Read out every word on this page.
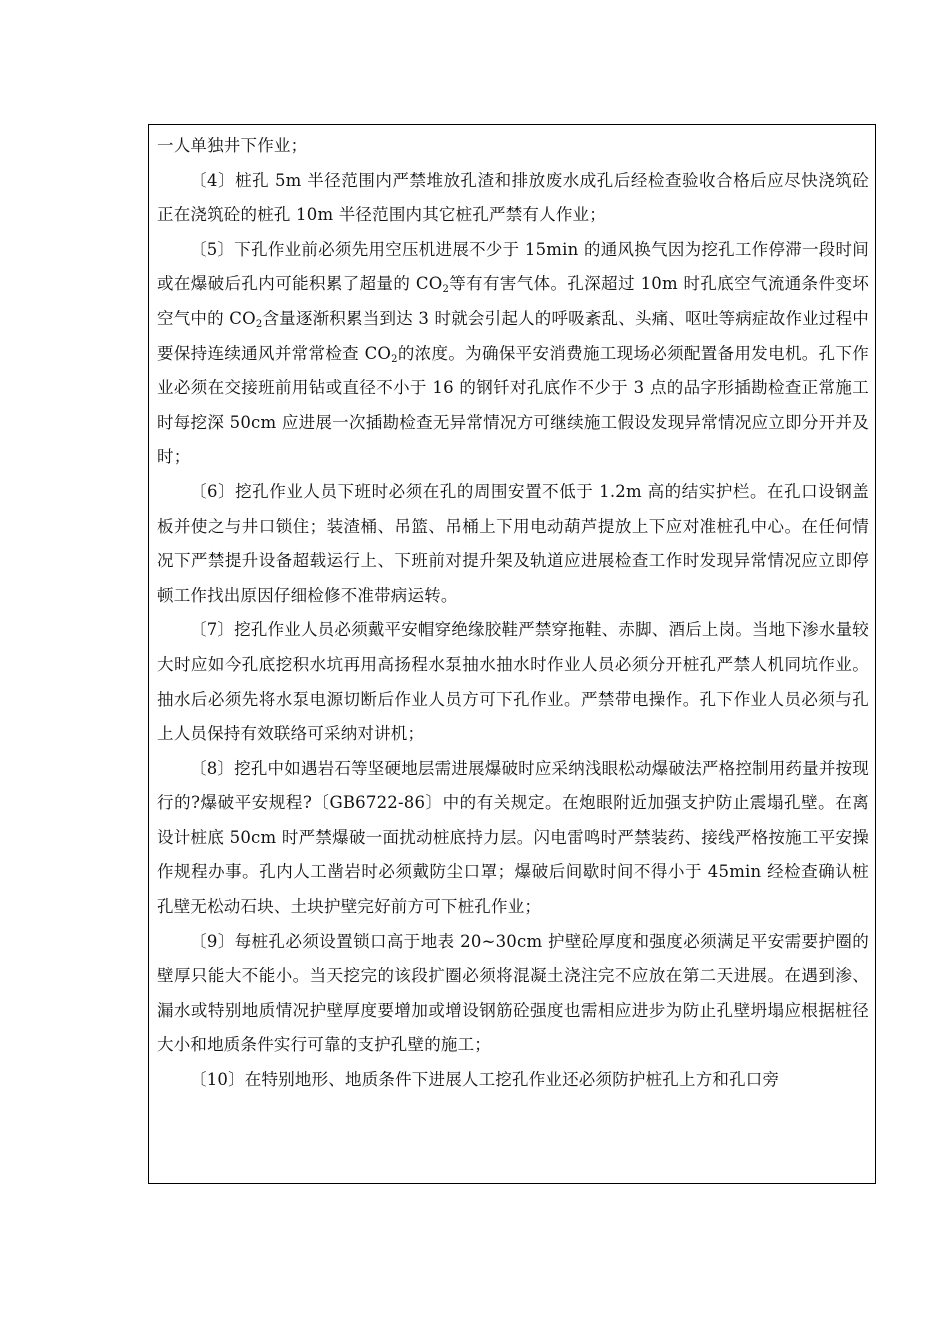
一人单独井下作业；

〔4〕桩孔 5m 半径范围内严禁堆放孔渣和排放废水成孔后经检查验收合格后应尽快浇筑砼正在浇筑砼的桩孔 10m 半径范围内其它桩孔严禁有人作业；

〔5〕下孔作业前必须先用空压机进展不少于 15min 的通风换气因为挖孔工作停滞一段时间或在爆破后孔内可能积累了超量的 $CO_2$等有有害气体。孔深超过 10m 时孔底空气流通条件变坏空气中的 $CO_2$含量逐渐积累当到达 3 时就会引起人的呼吸紊乱、头痛、呕吐等病症故作业过程中要保持连续通风并常常检查 $CO_2$的浓度。为确保平安消费施工现场必须配置备用发电机。孔下作业必须在交接班前用钻或直径不小于 16 的钢钎对孔底作不少于 3 点的品字形插勘检查正常施工时每挖深 50cm 应进展一次插勘检查无异常情况方可继续施工假设发现异常情况应立即分开并及时；

〔6〕挖孔作业人员下班时必须在孔的周围安置不低于 1.2m 高的结实护栏。在孔口设钢盖板并使之与井口锁住；装渣桶、吊篮、吊桶上下用电动葫芦提放上下应对准桩孔中心。在任何情况下严禁提升设备超载运行上、下班前对提升架及轨道应进展检查工作时发现异常情况应立即停顿工作找出原因仔细检修不准带病运转。

〔7〕挖孔作业人员必须戴平安帽穿绝缘胶鞋严禁穿拖鞋、赤脚、酒后上岗。当地下渗水量较大时应如今孔底挖积水坑再用高扬程水泵抽水抽水时作业人员必须分开桩孔严禁人机同坑作业。抽水后必须先将水泵电源切断后作业人员方可下孔作业。严禁带电操作。孔下作业人员必须与孔上人员保持有效联络可采纳对讲机；

〔8〕挖孔中如遇岩石等坚硬地层需进展爆破时应采纳浅眼松动爆破法严格控制用药量并按现行的?爆破平安规程?〔GB6722-86〕中的有关规定。在炮眼附近加强支护防止震塌孔壁。在离设计桩底 50cm 时严禁爆破一面扰动桩底持力层。闪电雷鸣时严禁装药、接线严格按施工平安操作规程办事。孔内人工凿岩时必须戴防尘口罩；爆破后间歇时间不得小于 45min 经检查确认桩孔壁无松动石块、土块护壁完好前方可下桩孔作业；

〔9〕每桩孔必须设置锁口高于地表 20~30cm 护壁砼厚度和强度必须满足平安需要护圈的壁厚只能大不能小。当天挖完的该段扩圈必须将混凝土浇注完不应放在第二天进展。在遇到渗、漏水或特别地质情况护壁厚度要增加或增设钢筋砼强度也需相应进步为防止孔壁坍塌应根据桩径大小和地质条件实行可靠的支护孔壁的施工；

〔10〕在特别地形、地质条件下进展人工挖孔作业还必须防护桩孔上方和孔口旁
